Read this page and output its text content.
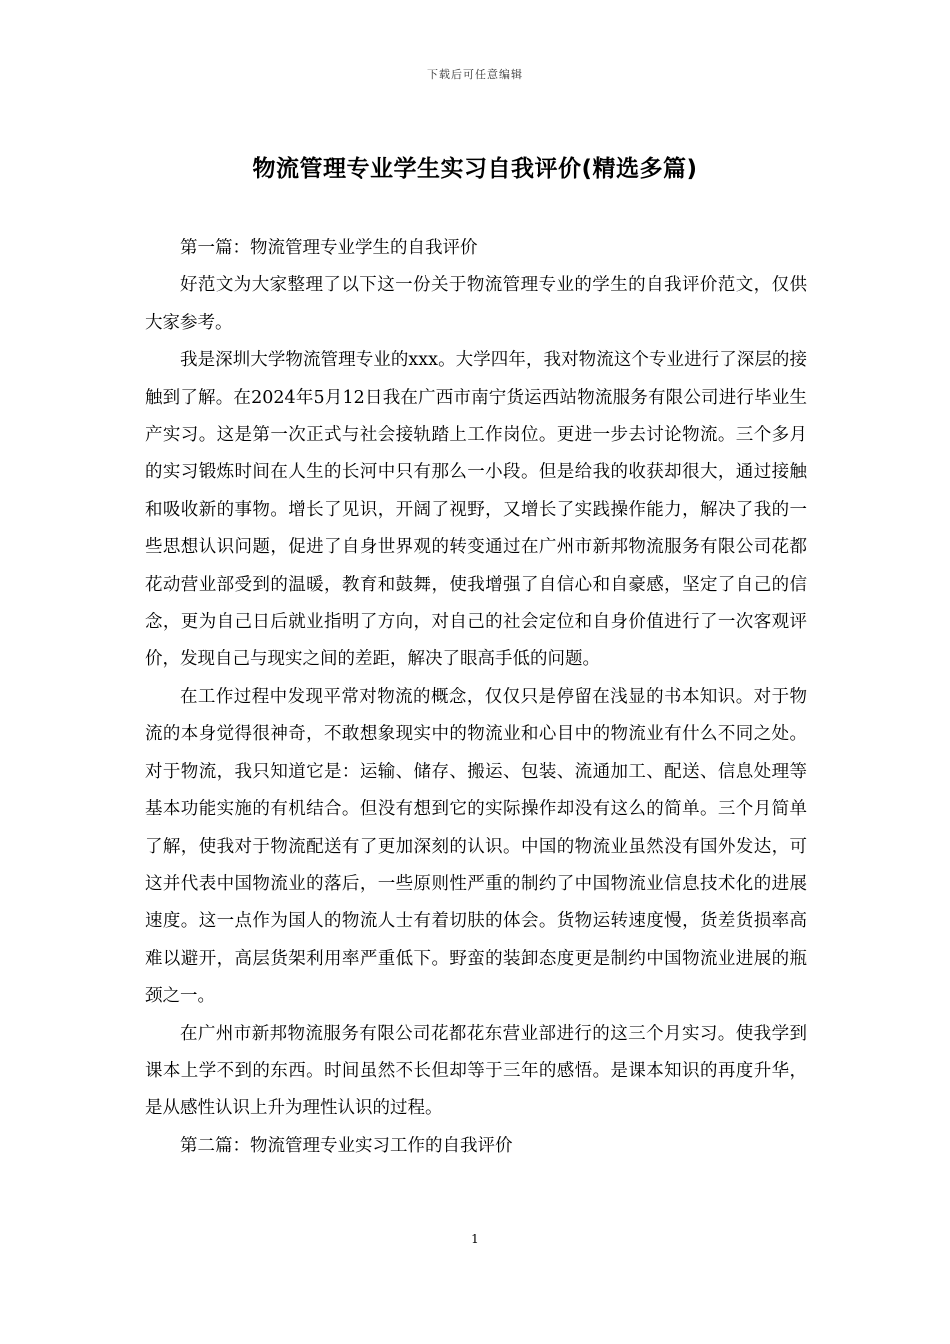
下载后可任意编辑
物流管理专业学生实习自我评价(精选多篇)

第一篇：物流管理专业学生的自我评价

好范文为大家整理了以下这一份关于物流管理专业的学生的自我评价范文，仅供大家参考。

我是深圳大学物流管理专业的xxx。大学四年，我对物流这个专业进行了深层的接触到了解。在2024年5月12日我在广西市南宁货运西站物流服务有限公司进行毕业生产实习。这是第一次正式与社会接轨踏上工作岗位。更进一步去讨论物流。三个多月的实习锻炼时间在人生的长河中只有那么一小段。但是给我的收获却很大，通过接触和吸收新的事物。增长了见识，开阔了视野，又增长了实践操作能力，解决了我的一些思想认识问题，促进了自身世界观的转变通过在广州市新邦物流服务有限公司花都花动营业部受到的温暖，教育和鼓舞，使我增强了自信心和自豪感，坚定了自己的信念，更为自己日后就业指明了方向，对自己的社会定位和自身价值进行了一次客观评价，发现自己与现实之间的差距，解决了眼高手低的问题。

在工作过程中发现平常对物流的概念，仅仅只是停留在浅显的书本知识。对于物流的本身觉得很神奇，不敢想象现实中的物流业和心目中的物流业有什么不同之处。对于物流，我只知道它是：运输、储存、搬运、包装、流通加工、配送、信息处理等基本功能实施的有机结合。但没有想到它的实际操作却没有这么的简单。三个月简单了解，使我对于物流配送有了更加深刻的认识。中国的物流业虽然没有国外发达，可这并代表中国物流业的落后，一些原则性严重的制约了中国物流业信息技术化的进展速度。这一点作为国人的物流人士有着切肤的体会。货物运转速度慢，货差货损率高难以避开，高层货架利用率严重低下。野蛮的装卸态度更是制约中国物流业进展的瓶颈之一。

在广州市新邦物流服务有限公司花都花东营业部进行的这三个月实习。使我学到课本上学不到的东西。时间虽然不长但却等于三年的感悟。是课本知识的再度升华，是从感性认识上升为理性认识的过程。

第二篇：物流管理专业实习工作的自我评价

1
